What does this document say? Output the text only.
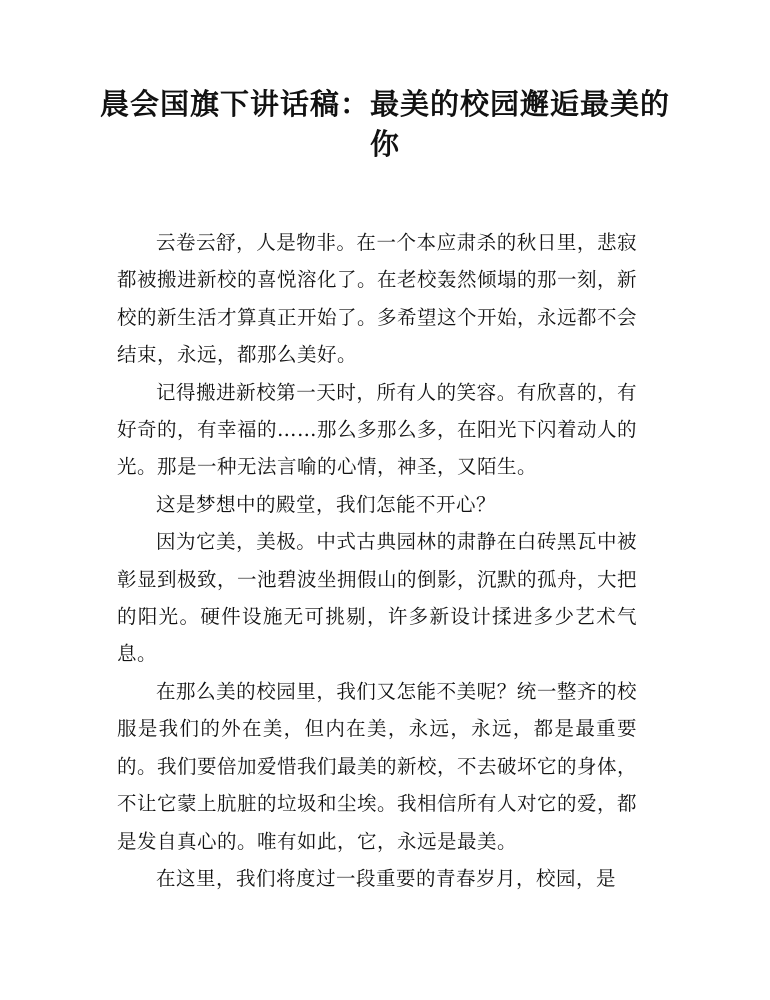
晨会国旗下讲话稿：最美的校园邂逅最美的你

云卷云舒，人是物非。在一个本应肃杀的秋日里，悲寂都被搬进新校的喜悦溶化了。在老校轰然倾塌的那一刻，新校的新生活才算真正开始了。多希望这个开始，永远都不会结束，永远，都那么美好。

记得搬进新校第一天时，所有人的笑容。有欣喜的，有好奇的，有幸福的……那么多那么多，在阳光下闪着动人的光。那是一种无法言喻的心情，神圣，又陌生。

这是梦想中的殿堂，我们怎能不开心？

因为它美，美极。中式古典园林的肃静在白砖黑瓦中被彰显到极致，一池碧波坐拥假山的倒影，沉默的孤舟，大把的阳光。硬件设施无可挑剔，许多新设计揉进多少艺术气息。

在那么美的校园里，我们又怎能不美呢？统一整齐的校服是我们的外在美，但内在美，永远，永远，都是最重要的。我们要倍加爱惜我们最美的新校，不去破坏它的身体，不让它蒙上肮脏的垃圾和尘埃。我相信所有人对它的爱，都是发自真心的。唯有如此，它，永远是最美。

在这里，我们将度过一段重要的青春岁月，校园，是
